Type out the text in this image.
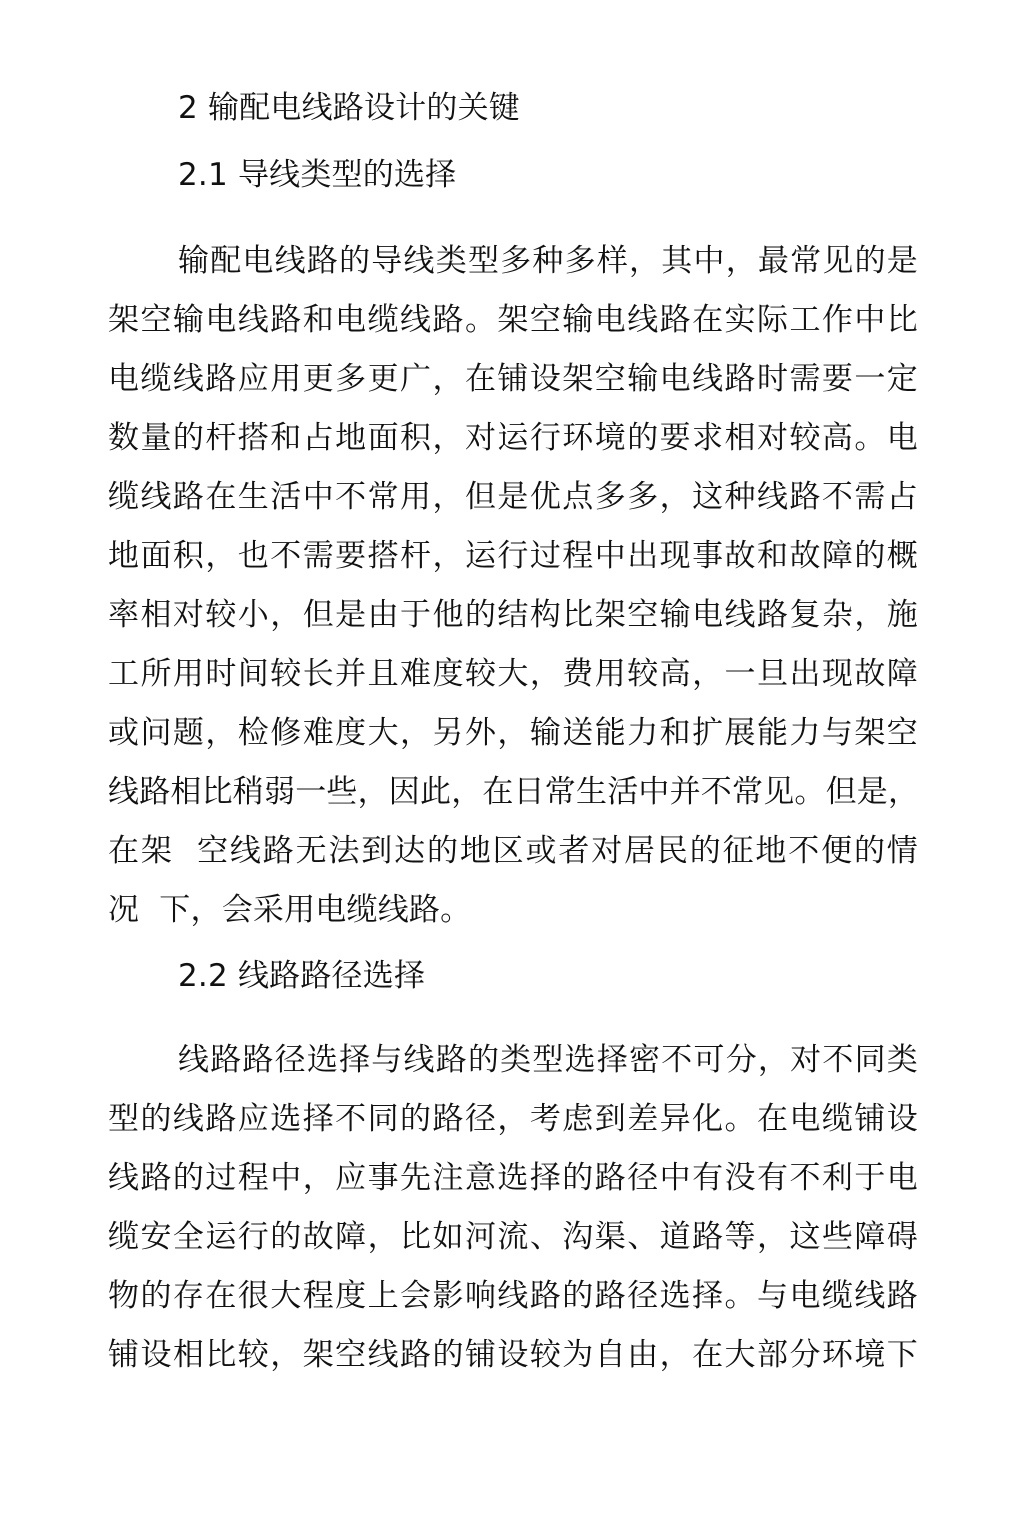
2 输配电线路设计的关键
2.1 导线类型的选择
输配电线路的导线类型多种多样，其中，最常见的是
架空输电线路和电缆线路。架空输电线路在实际工作中比
电缆线路应用更多更广，在铺设架空输电线路时需要一定
数量的杆搭和占地面积，对运行环境的要求相对较高。电
缆线路在生活中不常用，但是优点多多，这种线路不需占
地面积，也不需要搭杆，运行过程中出现事故和故障的概
率相对较小，但是由于他的结构比架空输电线路复杂，施
工所用时间较长并且难度较大，费用较高，一旦出现故障
或问题，检修难度大，另外，输送能力和扩展能力与架空
线路相比稍弱一些，因此，在日常生活中并不常见。但是，
在架  空线路无法到达的地区或者对居民的征地不便的情
况  下，会采用电缆线路。
2.2 线路路径选择
线路路径选择与线路的类型选择密不可分，对不同类
型的线路应选择不同的路径，考虑到差异化。在电缆铺设
线路的过程中，应事先注意选择的路径中有没有不利于电
缆安全运行的故障，比如河流、沟渠、道路等，这些障碍
物的存在很大程度上会影响线路的路径选择。与电缆线路
铺设相比较，架空线路的铺设较为自由，在大部分环境下
